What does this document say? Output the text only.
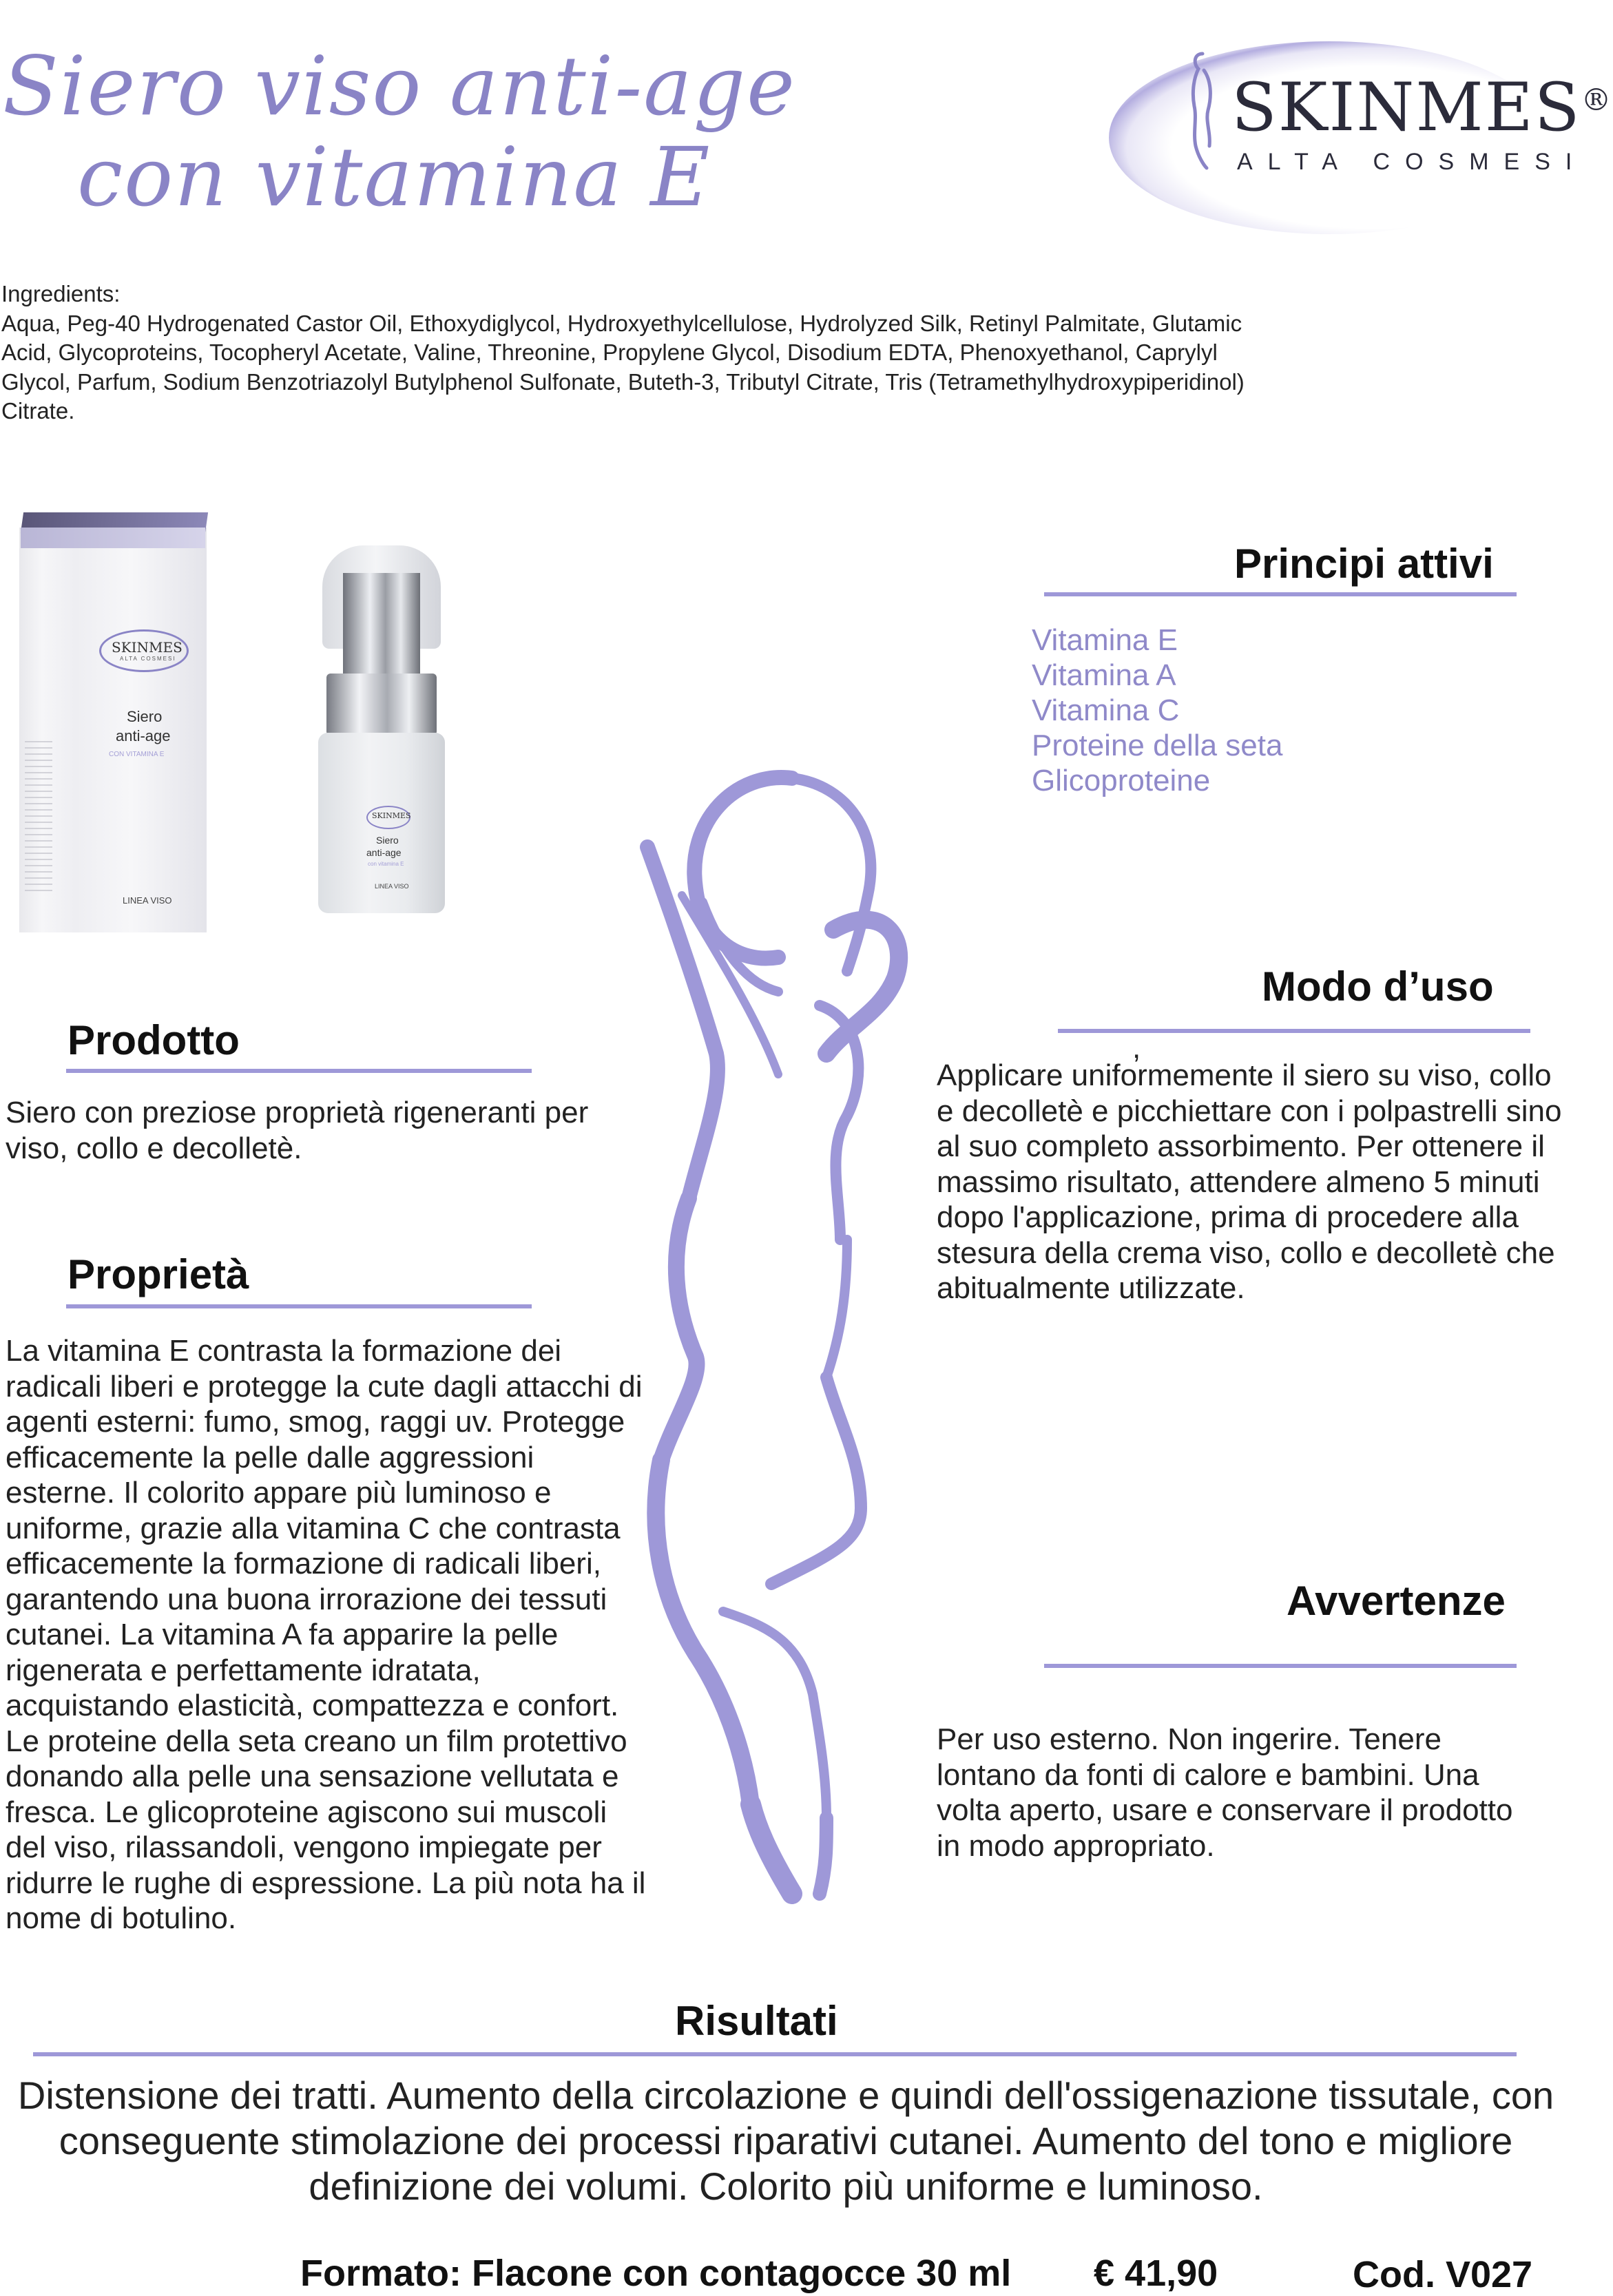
Siero viso anti-age
con vitamina E
SKINMES®
ALTA COSMESI
Ingredients:
Aqua, Peg-40 Hydrogenated Castor Oil, Ethoxydiglycol, Hydroxyethylcellulose, Hydrolyzed Silk, Retinyl Palmitate, Glutamic Acid, Glycoproteins, Tocopheryl Acetate, Valine, Threonine, Propylene Glycol, Disodium EDTA, Phenoxyethanol, Caprylyl Glycol, Parfum, Sodium Benzotriazolyl Butylphenol Sulfonate, Buteth-3, Tributyl Citrate, Tris (Tetramethylhydroxypiperidinol) Citrate.
SKINMES
ALTA COSMESI
Siero
anti-age
CON VITAMINA E
LINEA VISO
SKINMES
Siero
anti-age
con vitamina E
LINEA VISO
Principi attivi
Vitamina E
Vitamina A
Vitamina C
Proteine della seta
Glicoproteine
Prodotto
Siero con preziose proprietà rigeneranti per viso, collo e decolletè.
Proprietà
La vitamina E contrasta la formazione dei radicali liberi e protegge la cute dagli attacchi di agenti esterni: fumo, smog, raggi uv. Protegge efficacemente la pelle dalle aggressioni esterne. Il colorito appare più luminoso e uniforme, grazie alla vitamina C che contrasta efficacemente la formazione di radicali liberi, garantendo una buona irrorazione dei tessuti cutanei. La vitamina A fa apparire la pelle rigenerata e perfettamente idratata, acquistando elasticità, compattezza e confort. Le proteine della seta creano un film protettivo donando alla pelle una sensazione vellutata e fresca. Le glicoproteine agiscono sui muscoli del viso, rilassandoli, vengono impiegate per ridurre le rughe di espressione. La più nota ha il nome di botulino.
Modo d’uso
,
Applicare uniformemente il siero su viso, collo e decolletè e picchiettare con i polpastrelli sino al suo completo assorbimento. Per ottenere il massimo risultato, attendere almeno 5 minuti dopo l'applicazione, prima di procedere alla stesura della crema viso, collo e decolletè che abitualmente utilizzate.
Avvertenze
Per uso esterno. Non ingerire. Tenere lontano da fonti di calore e bambini. Una volta aperto, usare e conservare il prodotto in modo appropriato.
Risultati
Distensione dei tratti. Aumento della circolazione e quindi dell'ossigenazione tissutale, con conseguente stimolazione dei processi riparativi cutanei. Aumento del tono e migliore definizione dei volumi. Colorito più uniforme e luminoso.
Formato: Flacone con contagocce 30 ml € 41,90	Cod. V027
